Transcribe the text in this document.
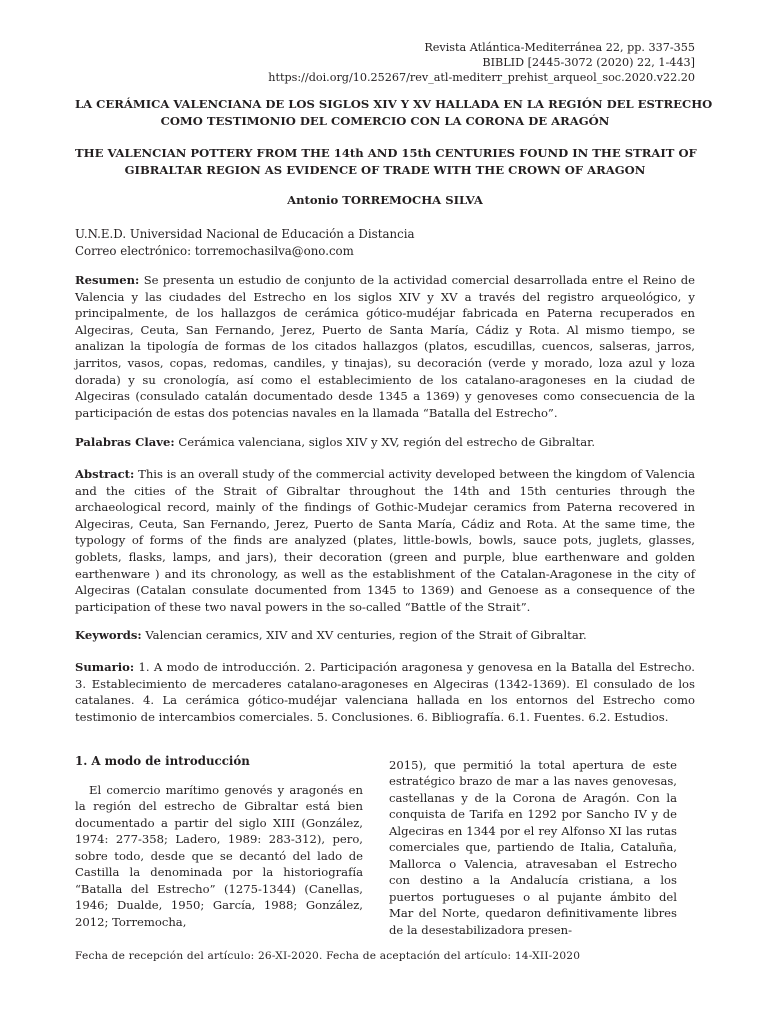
Revista Atlántica-Mediterránea 22, pp. 337-355
BIBLID [2445-3072 (2020) 22, 1-443]
https://doi.org/10.25267/rev_atl-mediterr_prehist_arqueol_soc.2020.v22.20
LA CERÁMICA VALENCIANA DE LOS SIGLOS XIV Y XV HALLADA EN LA REGIÓN DEL ESTRECHO
COMO TESTIMONIO DEL COMERCIO CON LA CORONA DE ARAGÓN
THE VALENCIAN POTTERY FROM THE 14th AND 15th CENTURIES FOUND IN THE STRAIT OF
GIBRALTAR REGION AS EVIDENCE OF TRADE WITH THE CROWN OF ARAGON
Antonio TORREMOCHA SILVA
U.N.E.D. Universidad Nacional de Educación a Distancia
Correo electrónico: torremochasilva@ono.com
Resumen: Se presenta un estudio de conjunto de la actividad comercial desarrollada entre el Reino de Valencia y las ciudades del Estrecho en los siglos XIV y XV a través del registro arqueológico, y principalmente, de los hallazgos de cerámica gótico-mudéjar fabricada en Paterna recuperados en Algeciras, Ceuta, San Fernando, Jerez, Puerto de Santa María, Cádiz y Rota. Al mismo tiempo, se analizan la tipología de formas de los citados hallazgos (platos, escudillas, cuencos, salseras, jarros, jarritos, vasos, copas, redomas, candiles, y tinajas), su decoración (verde y morado, loza azul y loza dorada) y su cronología, así como el establecimiento de los catalano-aragoneses en la ciudad de Algeciras (consulado catalán documentado desde 1345 a 1369) y genoveses como consecuencia de la participación de estas dos potencias navales en la llamada “Batalla del Estrecho”.
Palabras Clave: Cerámica valenciana, siglos XIV y XV, región del estrecho de Gibraltar.
Abstract: This is an overall study of the commercial activity developed between the kingdom of Valencia and the cities of the Strait of Gibraltar throughout the 14th and 15th centuries through the archaeological record, mainly of the findings of Gothic-Mudejar ceramics from Paterna recovered in Algeciras, Ceuta, San Fernando, Jerez, Puerto de Santa María, Cádiz and Rota. At the same time, the typology of forms of the finds are analyzed (plates, little-bowls, bowls, sauce pots, juglets, glasses, goblets, flasks, lamps, and jars), their decoration (green and purple, blue earthenware and golden earthenware ) and its chronology, as well as the establishment of the Catalan-Aragonese in the city of Algeciras (Catalan consulate documented from 1345 to 1369) and Genoese as a consequence of the participation of these two naval powers in the so-called “Battle of the Strait”.
Keywords: Valencian ceramics, XIV and XV centuries, region of the Strait of Gibraltar.
Sumario: 1. A modo de introducción. 2. Participación aragonesa y genovesa en la Batalla del Estrecho. 3. Establecimiento de mercaderes catalano-aragoneses en Algeciras (1342-1369). El consulado de los catalanes. 4. La cerámica gótico-mudéjar valenciana hallada en los entornos del Estrecho como testimonio de intercambios comerciales. 5. Conclusiones. 6. Bibliografía. 6.1. Fuentes. 6.2. Estudios.
1. A modo de introducción

El comercio marítimo genovés y aragonés en la región del estrecho de Gibraltar está bien documentado a partir del siglo XIII (González, 1974: 277-358; Ladero, 1989: 283-312), pero, sobre todo, desde que se decantó del lado de Castilla la denominada por la historiografía “Batalla del Estrecho” (1275-1344) (Canellas, 1946; Dualde, 1950; García, 1988; González, 2012; Torremocha,

2015), que permitió la total apertura de este estratégico brazo de mar a las naves genovesas, castellanas y de la Corona de Aragón. Con la conquista de Tarifa en 1292 por Sancho IV y de Algeciras en 1344 por el rey Alfonso XI las rutas comerciales que, partiendo de Italia, Cataluña, Mallorca o Valencia, atravesaban el Estrecho con destino a la Andalucía cristiana, a los puertos portugueses o al pujante ámbito del Mar del Norte, quedaron definitivamente libres de la desestabilizadora presen-

Fecha de recepción del artículo: 26-XI-2020. Fecha de aceptación del artículo: 14-XII-2020
